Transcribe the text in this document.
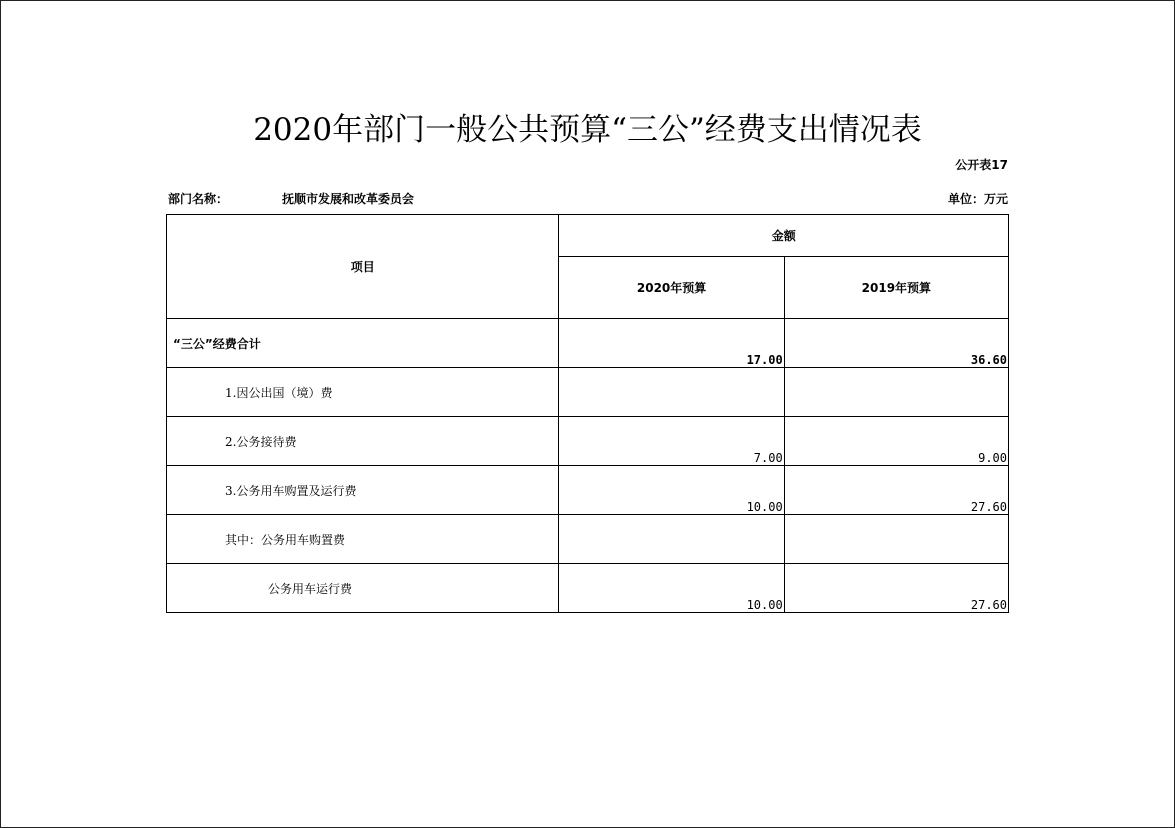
2020年部门一般公共预算“三公”经费支出情况表
公开表17
部门名称：	抚顺市发展和改革委员会	单位：万元
项目	金额	
	2020年预算	2019年预算

“三公”经费合计	17.00	36.60

1.因公出国（境）费		

2.公务接待费	7.00	9.00

3.公务用车购置及运行费	10.00	27.60

其中：公务用车购置费		

公务用车运行费	10.00	27.60
